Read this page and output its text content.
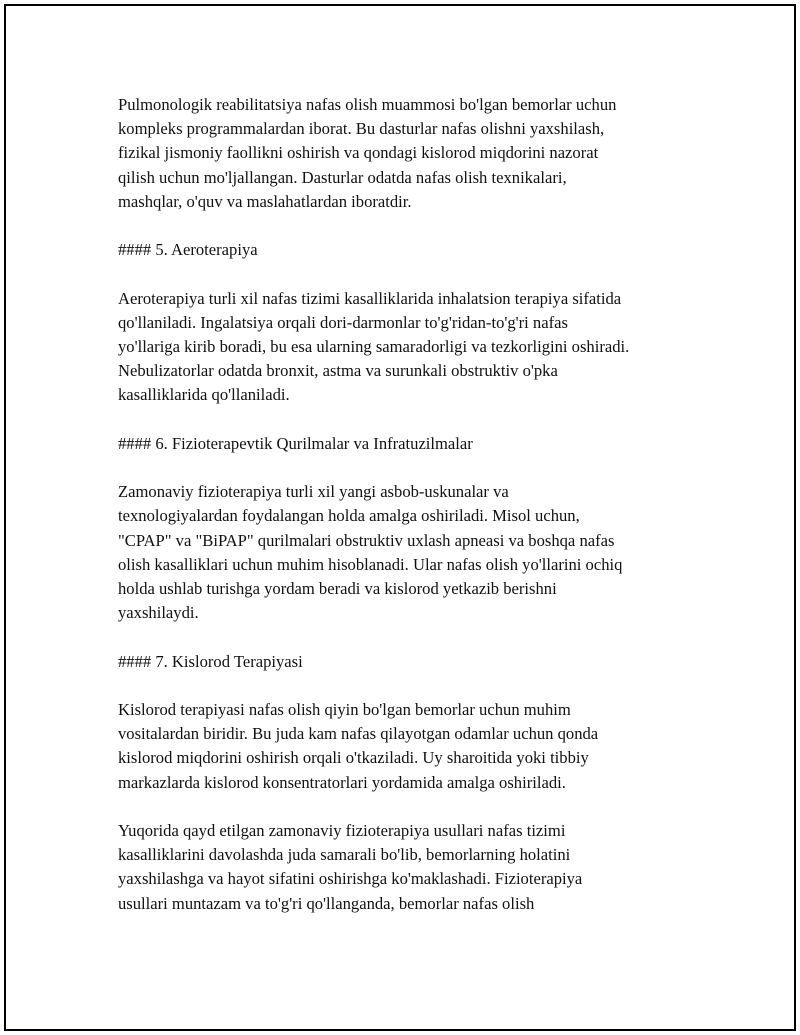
Pulmonologik reabilitatsiya nafas olish muammosi bo'lgan bemorlar uchun
kompleks programmalardan iborat. Bu dasturlar nafas olishni yaxshilash,
fizikal jismoniy faollikni oshirish va qondagi kislorod miqdorini nazorat
qilish uchun mo'ljallangan. Dasturlar odatda nafas olish texnikalari,
mashqlar, o'quv va maslahatlardan iboratdir.

#### 5. Aeroterapiya

Aeroterapiya turli xil nafas tizimi kasalliklarida inhalatsion terapiya sifatida
qo'llaniladi. Ingalatsiya orqali dori-darmonlar to'g'ridan-to'g'ri nafas
yo'llariga kirib boradi, bu esa ularning samaradorligi va tezkorligini oshiradi.
Nebulizatorlar odatda bronxit, astma va surunkali obstruktiv o'pka
kasalliklarida qo'llaniladi.

#### 6. Fizioterapevtik Qurilmalar va Infratuzilmalar

Zamonaviy fizioterapiya turli xil yangi asbob-uskunalar va
texnologiyalardan foydalangan holda amalga oshiriladi. Misol uchun,
"CPAP" va "BiPAP" qurilmalari obstruktiv uxlash apneasi va boshqa nafas
olish kasalliklari uchun muhim hisoblanadi. Ular nafas olish yo'llarini ochiq
holda ushlab turishga yordam beradi va kislorod yetkazib berishni
yaxshilaydi.

#### 7. Kislorod Terapiyasi

Kislorod terapiyasi nafas olish qiyin bo'lgan bemorlar uchun muhim
vositalardan biridir. Bu juda kam nafas qilayotgan odamlar uchun qonda
kislorod miqdorini oshirish orqali o'tkaziladi. Uy sharoitida yoki tibbiy
markazlarda kislorod konsentratorlari yordamida amalga oshiriladi.

Yuqorida qayd etilgan zamonaviy fizioterapiya usullari nafas tizimi
kasalliklarini davolashda juda samarali bo'lib, bemorlarning holatini
yaxshilashga va hayot sifatini oshirishga ko'maklashadi. Fizioterapiya
usullari muntazam va to'g'ri qo'llanganda, bemorlar nafas olish
